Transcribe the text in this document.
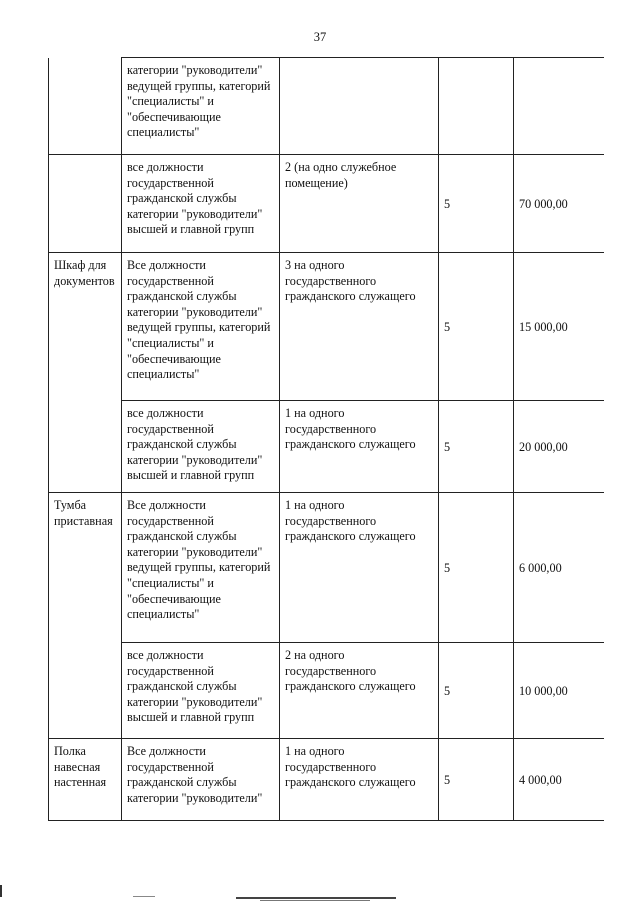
37
	категории "руководители" ведущей группы, категорий "специалисты" и "обеспечивающие специалисты"			
	все должности государственной гражданской службы категории "руководители" высшей и главной групп	2 (на одно служебное помещение)	5	70 000,00
Шкаф для документов	Все должности государственной гражданской службы категории "руководители" ведущей группы, категорий "специалисты" и "обеспечивающие специалисты"	3 на одного государственного гражданского служащего	5	15 000,00
	все должности государственной гражданской службы категории "руководители" высшей и главной групп	1 на одного государственного гражданского служащего	5	20 000,00
Тумба приставная	Все должности государственной гражданской службы категории "руководители" ведущей группы, категорий "специалисты" и "обеспечивающие специалисты"	1 на одного государственного гражданского служащего	5	6 000,00
	все должности государственной гражданской службы категории "руководители" высшей и главной групп	2 на одного государственного гражданского служащего	5	10 000,00
Полка навесная настенная	Все должности государственной гражданской службы категории "руководители"	1 на одного государственного гражданского служащего	5	4 000,00
